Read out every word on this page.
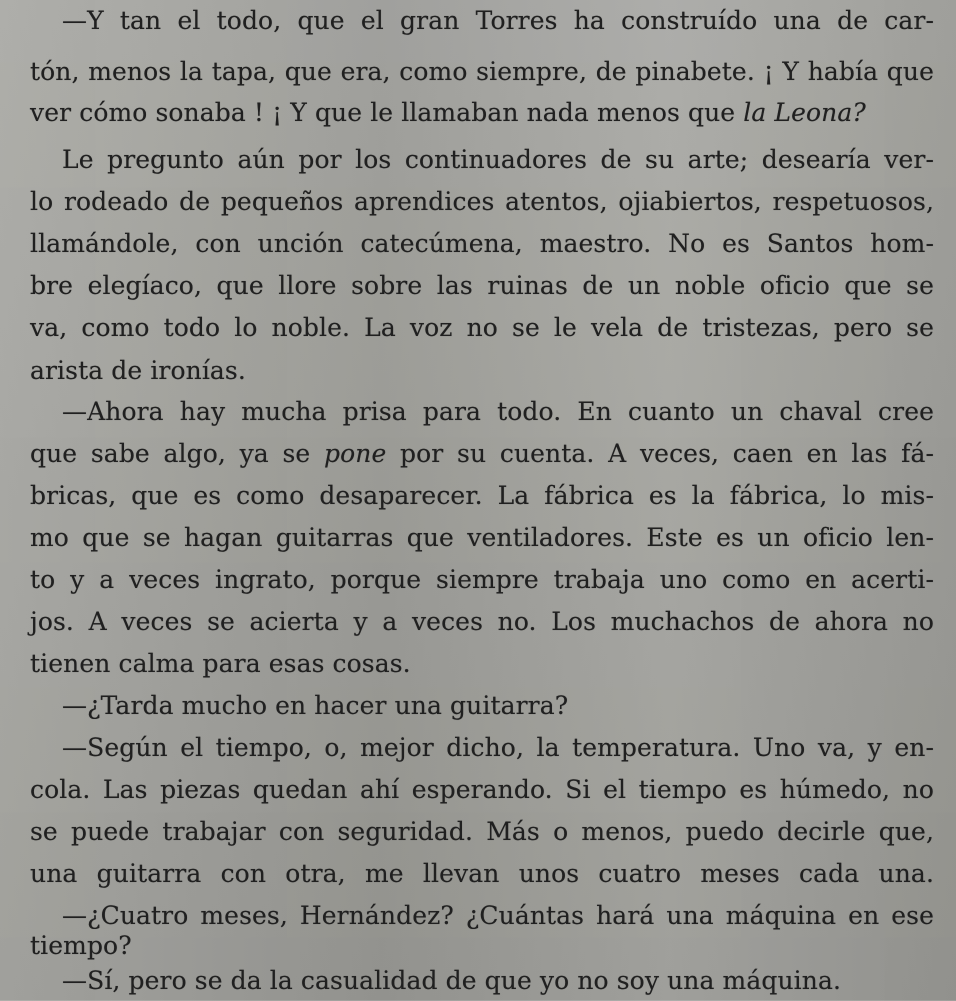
—Y tan el todo, que el gran Torres ha construído una de car-
tón, menos la tapa, que era, como siempre, de pinabete. ¡ Y había que
ver cómo sonaba ! ¡ Y que le llamaban nada menos que la Leona?
Le pregunto aún por los continuadores de su arte; desearía ver-
lo rodeado de pequeños aprendices atentos, ojiabiertos, respetuosos,
llamándole, con unción catecúmena, maestro. No es Santos hom-
bre elegíaco, que llore sobre las ruinas de un noble oficio que se
va, como todo lo noble. La voz no se le vela de tristezas, pero se
arista de ironías.
—Ahora hay mucha prisa para todo. En cuanto un chaval cree
que sabe algo, ya se pone por su cuenta. A veces, caen en las fá-
bricas, que es como desaparecer. La fábrica es la fábrica, lo mis-
mo que se hagan guitarras que ventiladores. Este es un oficio len-
to y a veces ingrato, porque siempre trabaja uno como en acerti-
jos. A veces se acierta y a veces no. Los muchachos de ahora no
tienen calma para esas cosas.
—¿Tarda mucho en hacer una guitarra?
—Según el tiempo, o, mejor dicho, la temperatura. Uno va, y en-
cola. Las piezas quedan ahí esperando. Si el tiempo es húmedo, no
se puede trabajar con seguridad. Más o menos, puedo decirle que,
una guitarra con otra, me llevan unos cuatro meses cada una.
—¿Cuatro meses, Hernández? ¿Cuántas hará una máquina en ese
tiempo?
—Sí, pero se da la casualidad de que yo no soy una máquina.
